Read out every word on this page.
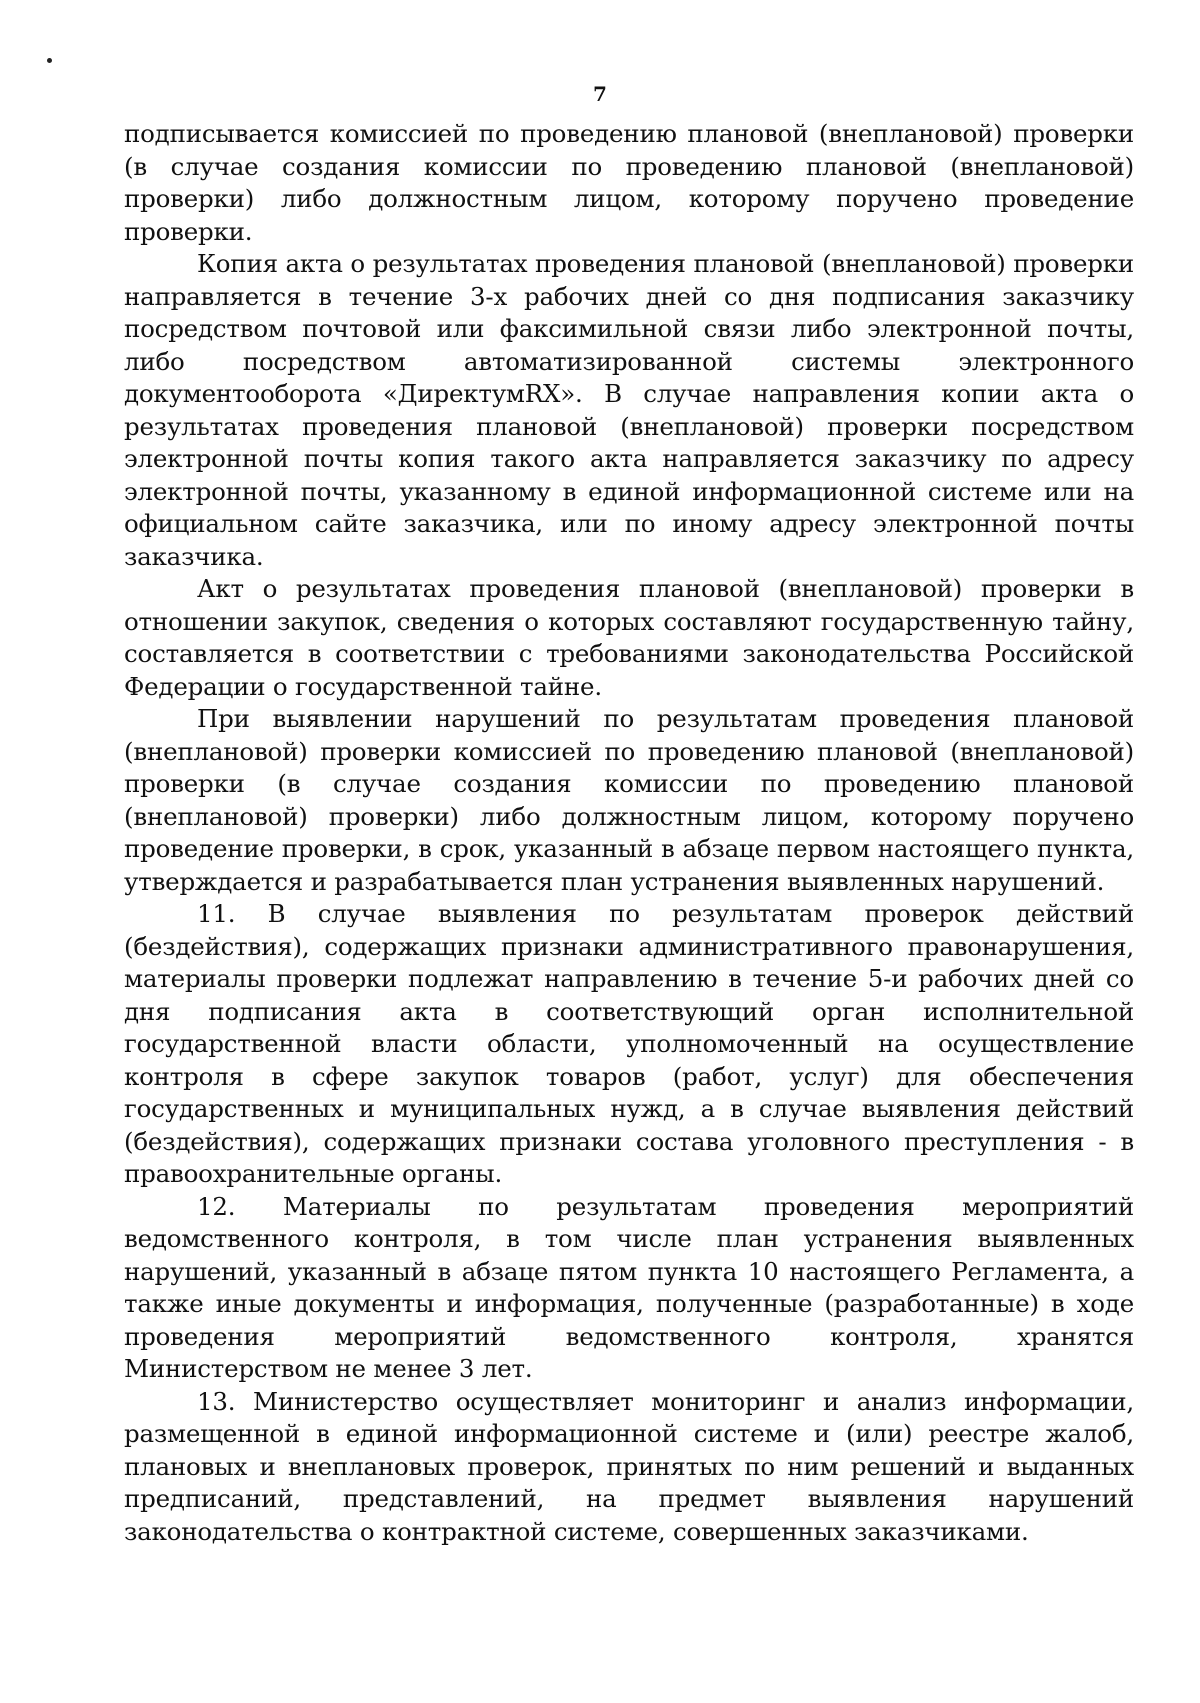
7

подписывается комиссией по проведению плановой (внеплановой) проверки (в случае создания комиссии по проведению плановой (внеплановой) проверки) либо должностным лицом, которому поручено проведение проверки.

Копия акта о результатах проведения плановой (внеплановой) проверки направляется в течение 3-х рабочих дней со дня подписания заказчику посредством почтовой или факсимильной связи либо электронной почты, либо посредством автоматизированной системы электронного документооборота «ДиректумRX». В случае направления копии акта о результатах проведения плановой (внеплановой) проверки посредством электронной почты копия такого акта направляется заказчику по адресу электронной почты, указанному в единой информационной системе или на официальном сайте заказчика, или по иному адресу электронной почты заказчика.

Акт о результатах проведения плановой (внеплановой) проверки в отношении закупок, сведения о которых составляют государственную тайну, составляется в соответствии с требованиями законодательства Российской Федерации о государственной тайне.

При выявлении нарушений по результатам проведения плановой (внеплановой) проверки комиссией по проведению плановой (внеплановой) проверки (в случае создания комиссии по проведению плановой (внеплановой) проверки) либо должностным лицом, которому поручено проведение проверки, в срок, указанный в абзаце первом настоящего пункта, утверждается и разрабатывается план устранения выявленных нарушений.

11. В случае выявления по результатам проверок действий (бездействия), содержащих признаки административного правонарушения, материалы проверки подлежат направлению в течение 5-и рабочих дней со дня подписания акта в соответствующий орган исполнительной государственной власти области, уполномоченный на осуществление контроля в сфере закупок товаров (работ, услуг) для обеспечения государственных и муниципальных нужд, а в случае выявления действий (бездействия), содержащих признаки состава уголовного преступления - в правоохранительные органы.

12. Материалы по результатам проведения мероприятий ведомственного контроля, в том числе план устранения выявленных нарушений, указанный в абзаце пятом пункта 10 настоящего Регламента, а также иные документы и информация, полученные (разработанные) в ходе проведения мероприятий ведомственного контроля, хранятся Министерством не менее 3 лет.

13. Министерство осуществляет мониторинг и анализ информации, размещенной в единой информационной системе и (или) реестре жалоб, плановых и внеплановых проверок, принятых по ним решений и выданных предписаний, представлений, на предмет выявления нарушений законодательства о контрактной системе, совершенных заказчиками.
